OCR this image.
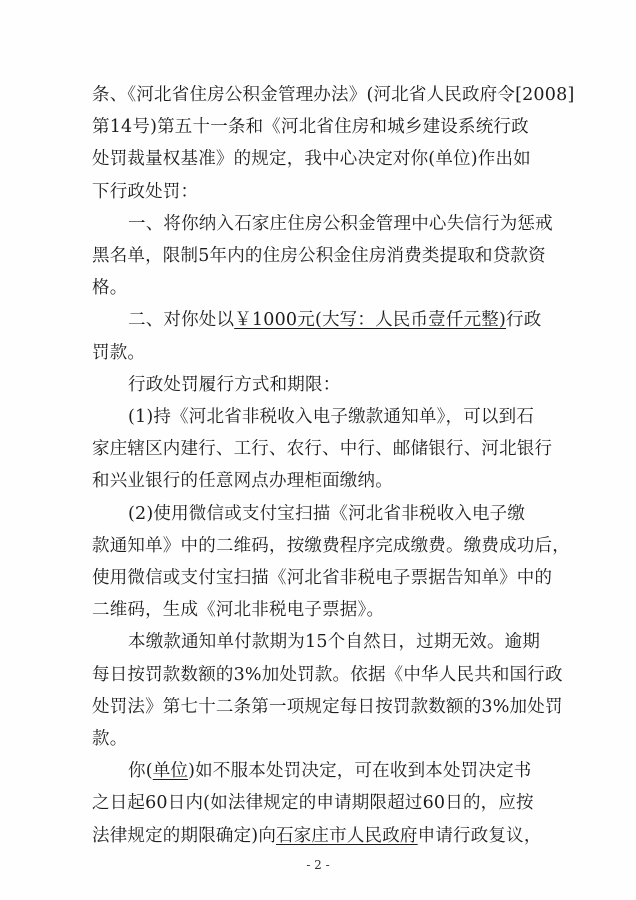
条、《河北省住房公积金管理办法》(河北省人民政府令[2008]
第14号)第五十一条和《河北省住房和城乡建设系统行政
处罚裁量权基准》的规定，我中心决定对你(单位)作出如
下行政处罚：
一、将你纳入石家庄住房公积金管理中心失信行为惩戒
黑名单，限制5年内的住房公积金住房消费类提取和贷款资
格。
二、对你处以￥1000元(大写：人民币壹仟元整)行政
罚款。
行政处罚履行方式和期限：
(1)持《河北省非税收入电子缴款通知单》，可以到石
家庄辖区内建行、工行、农行、中行、邮储银行、河北银行
和兴业银行的任意网点办理柜面缴纳。
(2)使用微信或支付宝扫描《河北省非税收入电子缴
款通知单》中的二维码，按缴费程序完成缴费。缴费成功后，
使用微信或支付宝扫描《河北省非税电子票据告知单》中的
二维码，生成《河北非税电子票据》。
本缴款通知单付款期为15个自然日，过期无效。逾期
每日按罚款数额的3%加处罚款。依据《中华人民共和国行政
处罚法》第七十二条第一项规定每日按罚款数额的3%加处罚
款。
你(单位)如不服本处罚决定，可在收到本处罚决定书
- 2 -
之日起60日内(如法律规定的申请期限超过60日的，应按
法律规定的期限确定)向石家庄市人民政府申请行政复议，
